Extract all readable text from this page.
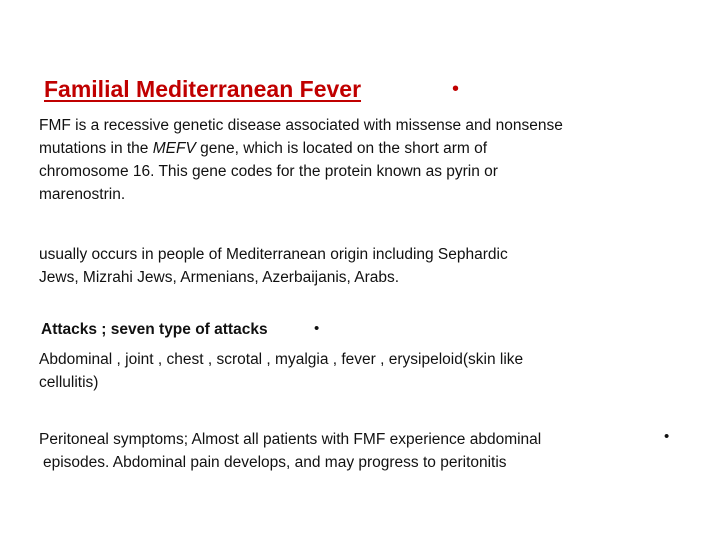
Familial Mediterranean Fever	•
FMF is a recessive genetic disease associated with missense and nonsense
mutations in the MEFV gene, which is located on the short arm of
chromosome 16. This gene codes for the protein known as pyrin or
marenostrin.
usually occurs in people of Mediterranean origin including Sephardic
Jews, Mizrahi Jews, Armenians, Azerbaijanis, Arabs.
Attacks ; seven type of attacks	•
Abdominal , joint , chest , scrotal , myalgia , fever , erysipeloid(skin like
cellulitis)
Peritoneal symptoms; Almost all patients with FMF experience abdominal
episodes. Abdominal pain develops, and may progress to peritonitis
•
